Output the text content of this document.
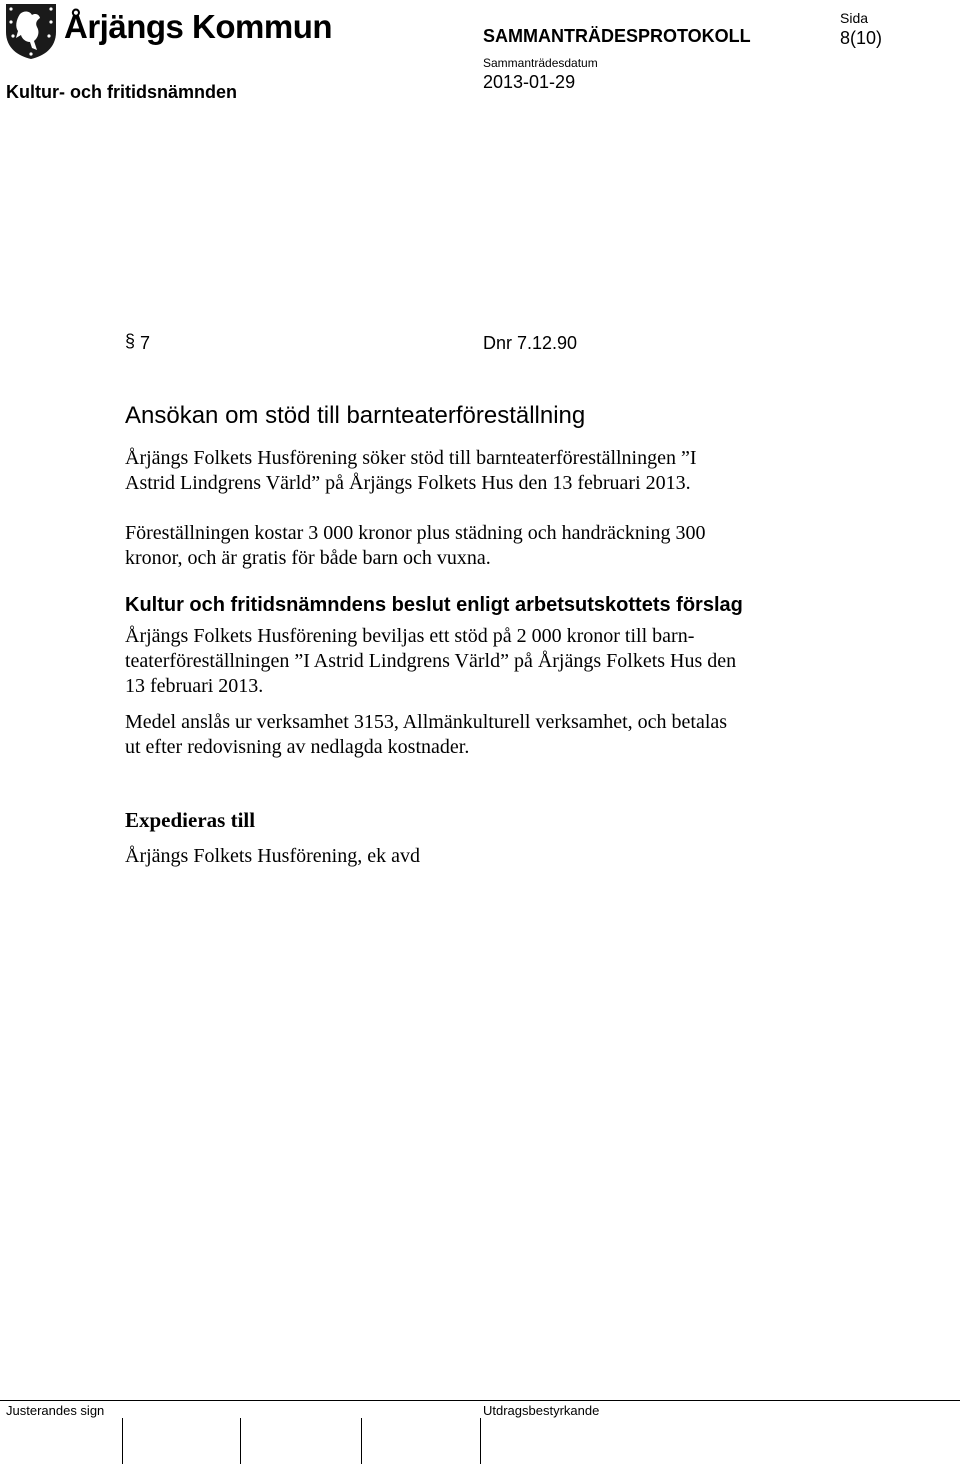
Årjängs Kommun	SAMMANTRÄDESPROTOKOLL
Sida
8(10)
Kultur- och fritidsnämnden
Sammanträdesdatum
2013-01-29
§ 7	Dnr 7.12.90
Ansökan om stöd till barnteaterföreställning
Årjängs Folkets Husförening söker stöd till barnteaterföreställningen ”I
Astrid Lindgrens Värld” på Årjängs Folkets Hus den 13 februari 2013.
Föreställningen kostar 3 000 kronor plus städning och handräckning 300
kronor, och är gratis för både barn och vuxna.
Kultur och fritidsnämndens beslut enligt arbetsutskottets förslag
Årjängs Folkets Husförening beviljas ett stöd på 2 000 kronor till barn-
teaterföreställningen ”I Astrid Lindgrens Värld” på Årjängs Folkets Hus den
13 februari 2013.
Medel anslås ur verksamhet 3153, Allmänkulturell verksamhet, och betalas
ut efter redovisning av nedlagda kostnader.
Expedieras till
Årjängs Folkets Husförening, ek avd
Justerandes sign	Utdragsbestyrkande
